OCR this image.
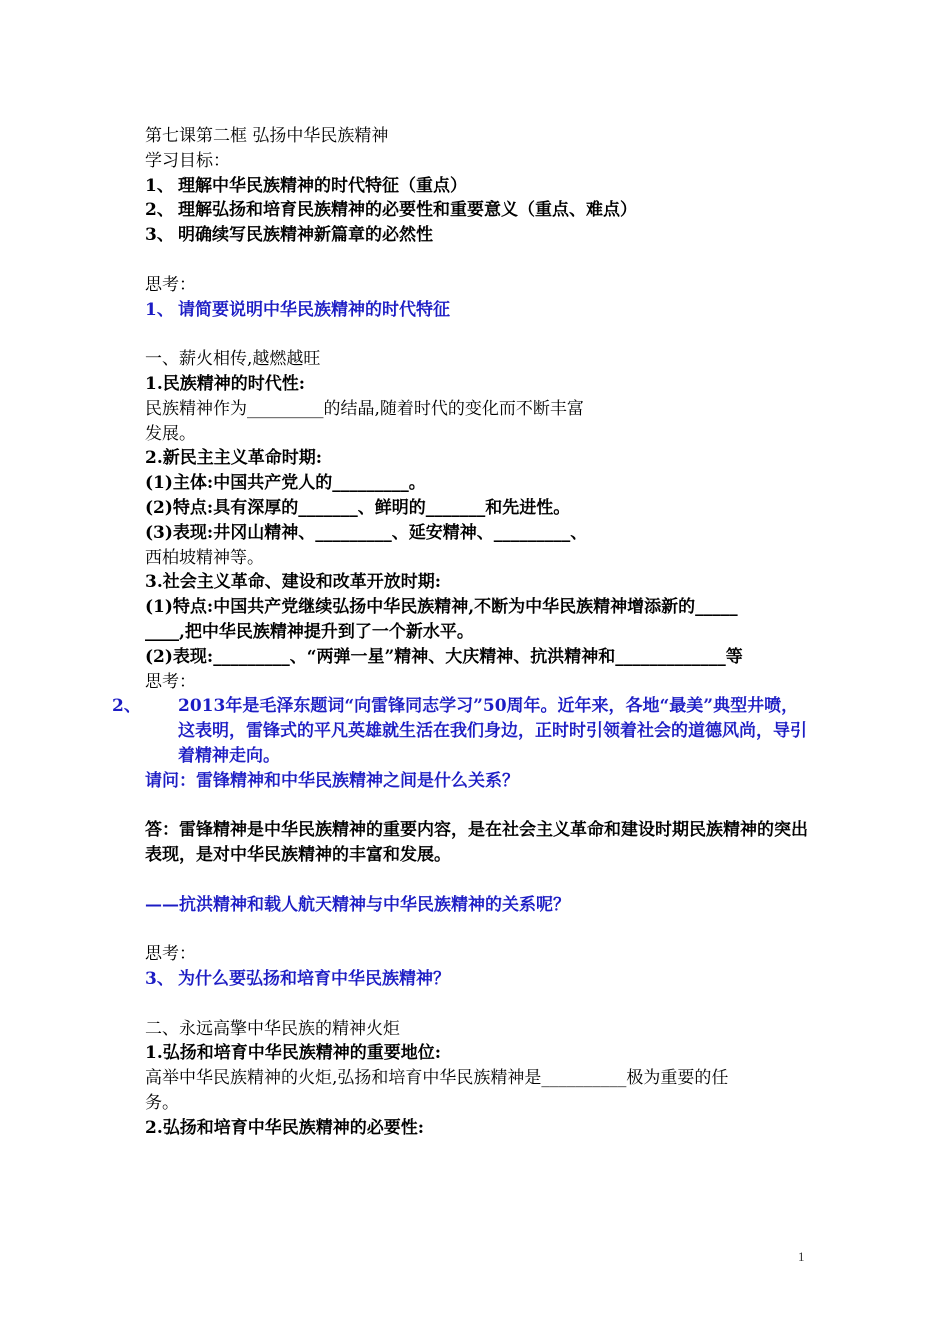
第七课第二框 弘扬中华民族精神
学习目标：
1、 理解中华民族精神的时代特征（重点）
2、 理解弘扬和培育民族精神的必要性和重要意义（重点、难点）
3、 明确续写民族精神新篇章的必然性
思考：
1、 请简要说明中华民族精神的时代特征
一、薪火相传,越燃越旺
1.民族精神的时代性:
民族精神作为_________的结晶,随着时代的变化而不断丰富
发展。
2.新民主主义革命时期:
(1)主体:中国共产党人的_________。
(2)特点:具有深厚的_______、鲜明的_______和先进性。
(3)表现:井冈山精神、_________、延安精神、_________、
西柏坡精神等。
3.社会主义革命、建设和改革开放时期:
(1)特点:中国共产党继续弘扬中华民族精神,不断为中华民族精神增添新的_____
____,把中华民族精神提升到了一个新水平。
(2)表现:_________、“两弹一星”精神、大庆精神、抗洪精神和_____________等
思考：
2、 2013年是毛泽东题词“向雷锋同志学习”50周年。近年来，各地“最美”典型井喷，这表明，雷锋式的平凡英雄就生活在我们身边，正时时引领着社会的道德风尚，导引着精神走向。
请问：雷锋精神和中华民族精神之间是什么关系？
答：雷锋精神是中华民族精神的重要内容，是在社会主义革命和建设时期民族精神的突出表现，是对中华民族精神的丰富和发展。
——抗洪精神和载人航天精神与中华民族精神的关系呢？
思考：
3、 为什么要弘扬和培育中华民族精神？
二、永远高擎中华民族的精神火炬
1.弘扬和培育中华民族精神的重要地位:
高举中华民族精神的火炬,弘扬和培育中华民族精神是__________极为重要的任
务。
2.弘扬和培育中华民族精神的必要性:
1
